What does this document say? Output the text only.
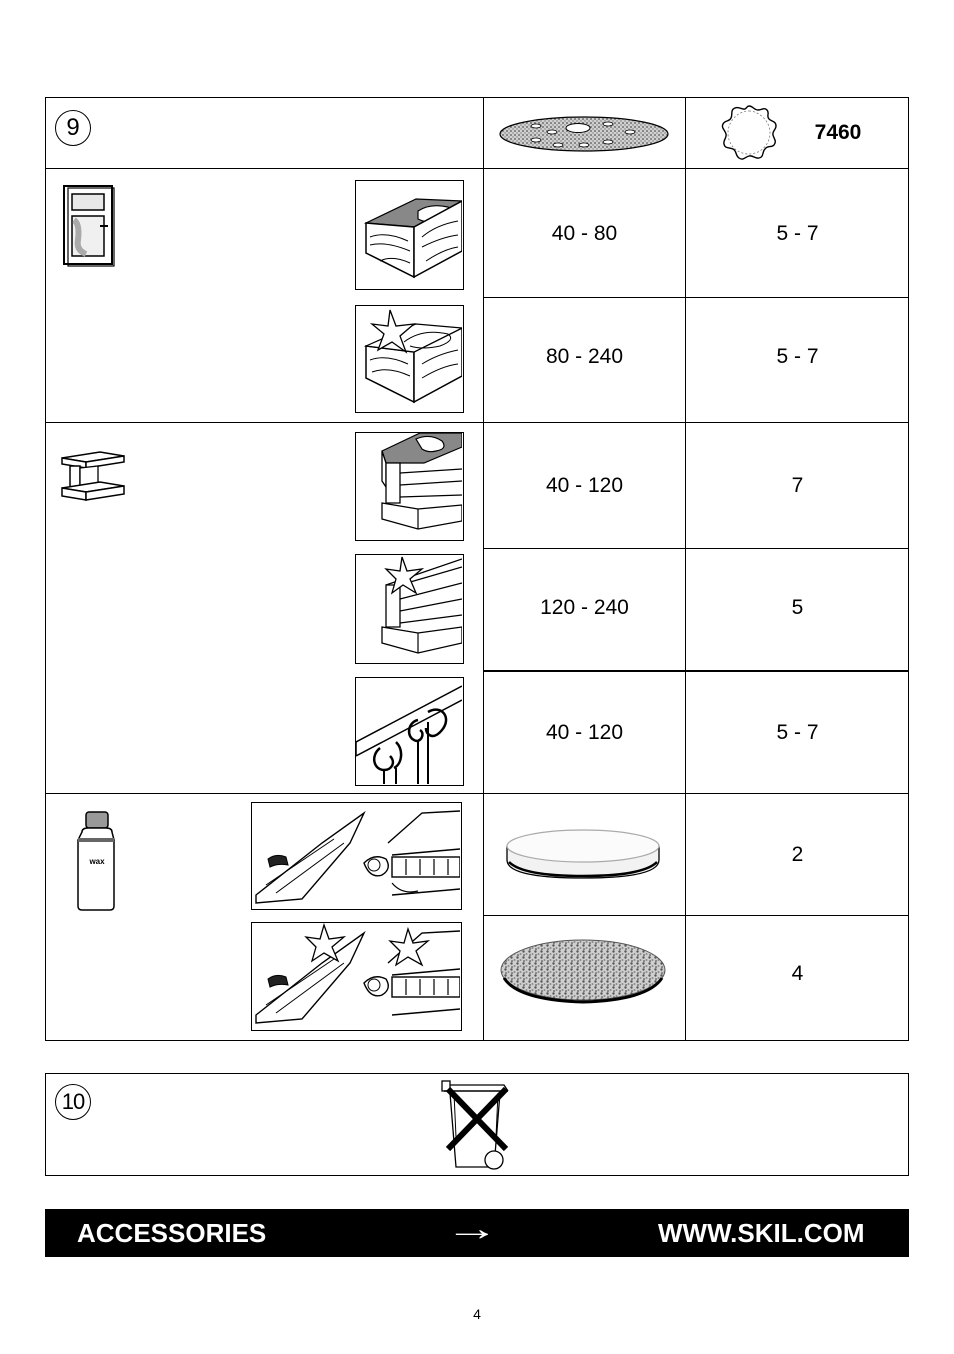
9	7460
40 - 80	5 - 7
80 - 240	5 - 7
40 - 120	7
120 - 240	5
40 - 120	5 - 7
wax	2
4
10
ACCESSORIES	→	WWW.SKIL.COM
4
